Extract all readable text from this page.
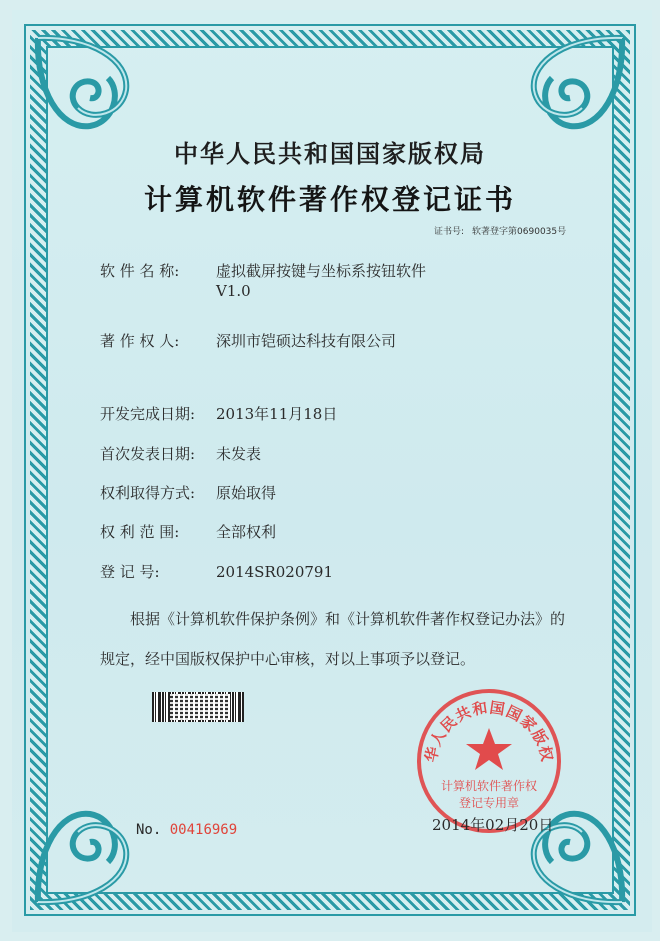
中华人民共和国国家版权局
计算机软件著作权登记证书
证书号: 软著登字第0690035号
软 件 名 称: 虚拟截屏按键与坐标系按钮软件
V1.0
著 作 权 人: 深圳市铠硕达科技有限公司
开发完成日期: 2013年11月18日
首次发表日期: 未发表
权利取得方式: 原始取得
权 利 范 围: 全部权利
登 记 号:	2014SR020791
根据《计算机软件保护条例》和《计算机软件著作权登记办法》的
规定，经中国版权保护中心审核，对以上事项予以登记。
华人民共和国国家版权
计算机软件著作权
登记专用章
No. 00416969	2014年02月20日
